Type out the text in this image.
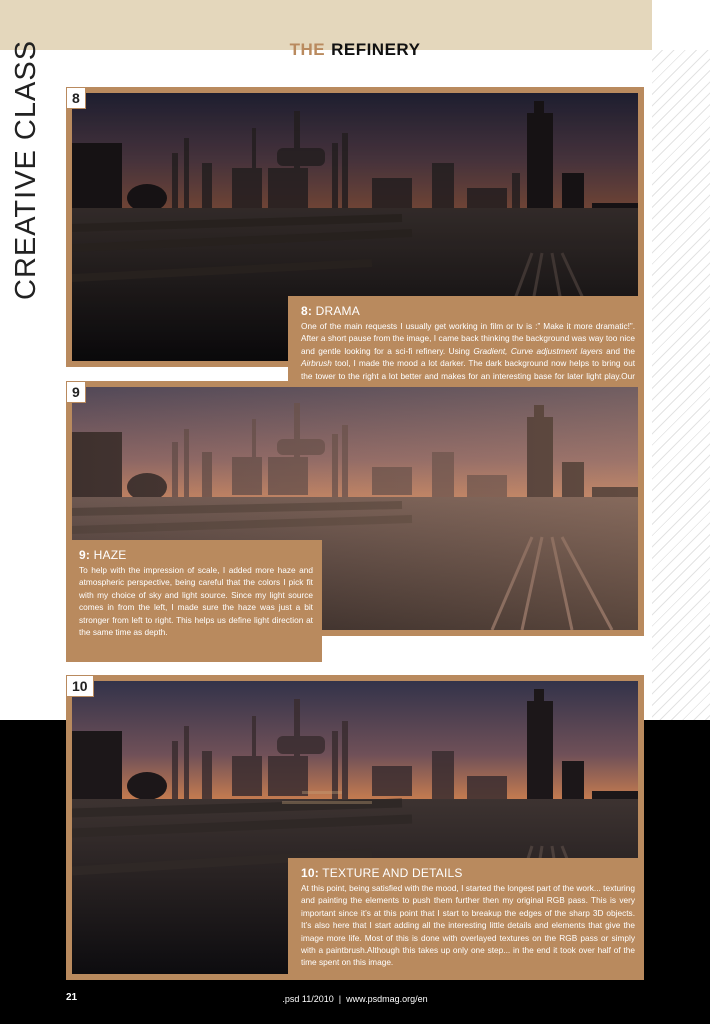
THE REFINERY
CREATIVE CLASS	8
8: DRAMA

One of the main requests I usually get working in film or tv is :” Make it more dramatic!”. After a short pause from the image, I came back thinking the background was way too nice and gentle looking for a sci-fi refinery. Using Gradient, Curve adjustment layers and the Airbrush tool, I made the mood a lot darker. The dark background now helps to bring out the tower to the right a lot better and makes for an interesting base for later light play.Our

9
9: HAZE

To help with the impression of scale, I added more haze and atmospheric perspective, being careful that the colors I pick fit with my choice of sky and light source. Since my light source comes in from the left, I made sure the haze was just a bit stronger from left to right. This helps us define light direction at the same time as depth.

10
10: TEXTURE AND DETAILS

At this point, being satisfied with the mood, I started the longest part of the work... texturing and painting the elements to push them further then my original RGB pass. This is very important since it’s at this point that I start to breakup the edges of the sharp 3D objects. It’s also here that I start adding all the interesting little details and elements that give the image more life. Most of this is done with overlayed textures on the RGB pass or simply with a paintbrush.Although this takes up only one step... in the end it took over half of the time spent on this image.

21	.psd 11/2010 | www.psdmag.org/en
